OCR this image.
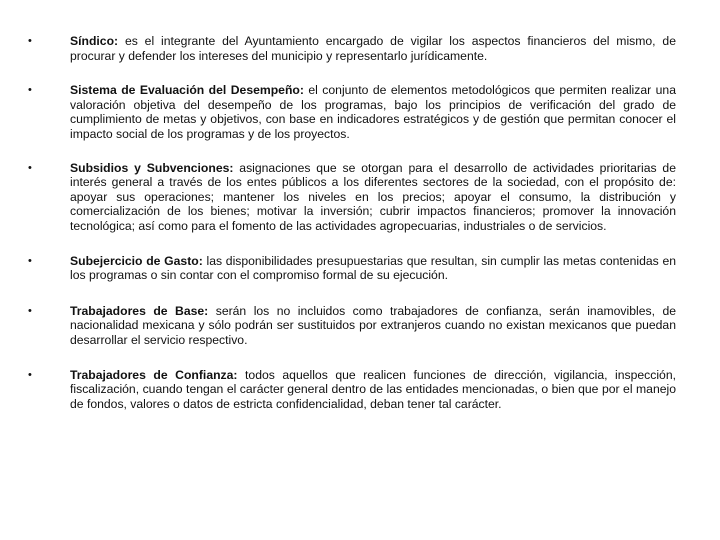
•	Síndico: es el integrante del Ayuntamiento encargado de vigilar los aspectos financieros del mismo, de procurar y defender los intereses del municipio y representarlo jurídicamente.
•	Sistema de Evaluación del Desempeño: el conjunto de elementos metodológicos que permiten realizar una valoración objetiva del desempeño de los programas, bajo los principios de verificación del grado de cumplimiento de metas y objetivos, con base en indicadores estratégicos y de gestión que permitan conocer el impacto social de los programas y de los proyectos.
•	Subsidios y Subvenciones: asignaciones que se otorgan para el desarrollo de actividades prioritarias de interés general a través de los entes públicos a los diferentes sectores de la sociedad, con el propósito de: apoyar sus operaciones; mantener los niveles en los precios; apoyar el consumo, la distribución y comercialización de los bienes; motivar la inversión; cubrir impactos financieros; promover la innovación tecnológica; así como para el fomento de las actividades agropecuarias, industriales o de servicios.
•	Subejercicio de Gasto: las disponibilidades presupuestarias que resultan, sin cumplir las metas contenidas en los programas o sin contar con el compromiso formal de su ejecución.
•	Trabajadores de Base: serán los no incluidos como trabajadores de confianza, serán inamovibles, de nacionalidad mexicana y sólo podrán ser sustituidos por extranjeros cuando no existan mexicanos que puedan desarrollar el servicio respectivo.
•	Trabajadores de Confianza: todos aquellos que realicen funciones de dirección, vigilancia, inspección, fiscalización, cuando tengan el carácter general dentro de las entidades mencionadas, o bien que por el manejo de fondos, valores o datos de estricta confidencialidad, deban tener tal carácter.
